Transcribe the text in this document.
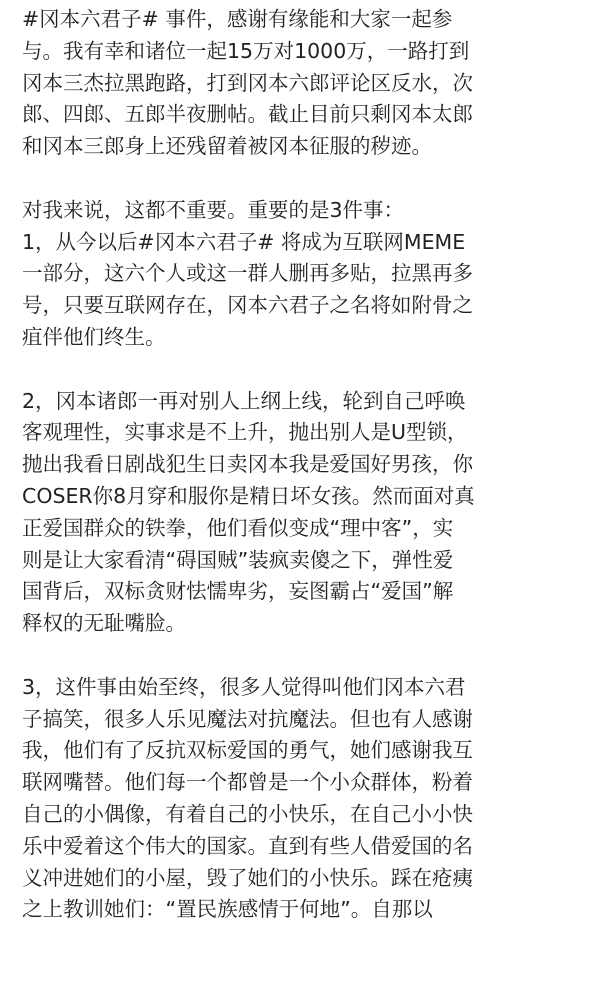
#冈本六君子# 事件，感谢有缘能和大家一起参
与。我有幸和诸位一起15万对1000万，一路打到
冈本三杰拉黑跑路，打到冈本六郎评论区反水，次
郎、四郎、五郎半夜删帖。截止目前只剩冈本太郎
和冈本三郎身上还残留着被冈本征服的秽迹。

对我来说，这都不重要。重要的是3件事：
1，从今以后#冈本六君子# 将成为互联网MEME
一部分，这六个人或这一群人删再多贴，拉黑再多
号，只要互联网存在，冈本六君子之名将如附骨之
疽伴他们终生。

2，冈本诸郎一再对别人上纲上线，轮到自己呼唤
客观理性，实事求是不上升，抛出别人是U型锁，
抛出我看日剧战犯生日卖冈本我是爱国好男孩，你
COSER你8月穿和服你是精日坏女孩。然而面对真
正爱国群众的铁拳，他们看似变成“理中客”，实
则是让大家看清“碍国贼”装疯卖傻之下，弹性爱
国背后，双标贪财怯懦卑劣，妄图霸占“爱国”解
释权的无耻嘴脸。

3，这件事由始至终，很多人觉得叫他们冈本六君
子搞笑，很多人乐见魔法对抗魔法。但也有人感谢
我，他们有了反抗双标爱国的勇气，她们感谢我互
联网嘴替。他们每一个都曾是一个小众群体，粉着
自己的小偶像，有着自己的小快乐，在自己小小快
乐中爱着这个伟大的国家。直到有些人借爱国的名
义冲进她们的小屋，毁了她们的小快乐。踩在疮痍
之上教训她们：“置民族感情于何地”。自那以
